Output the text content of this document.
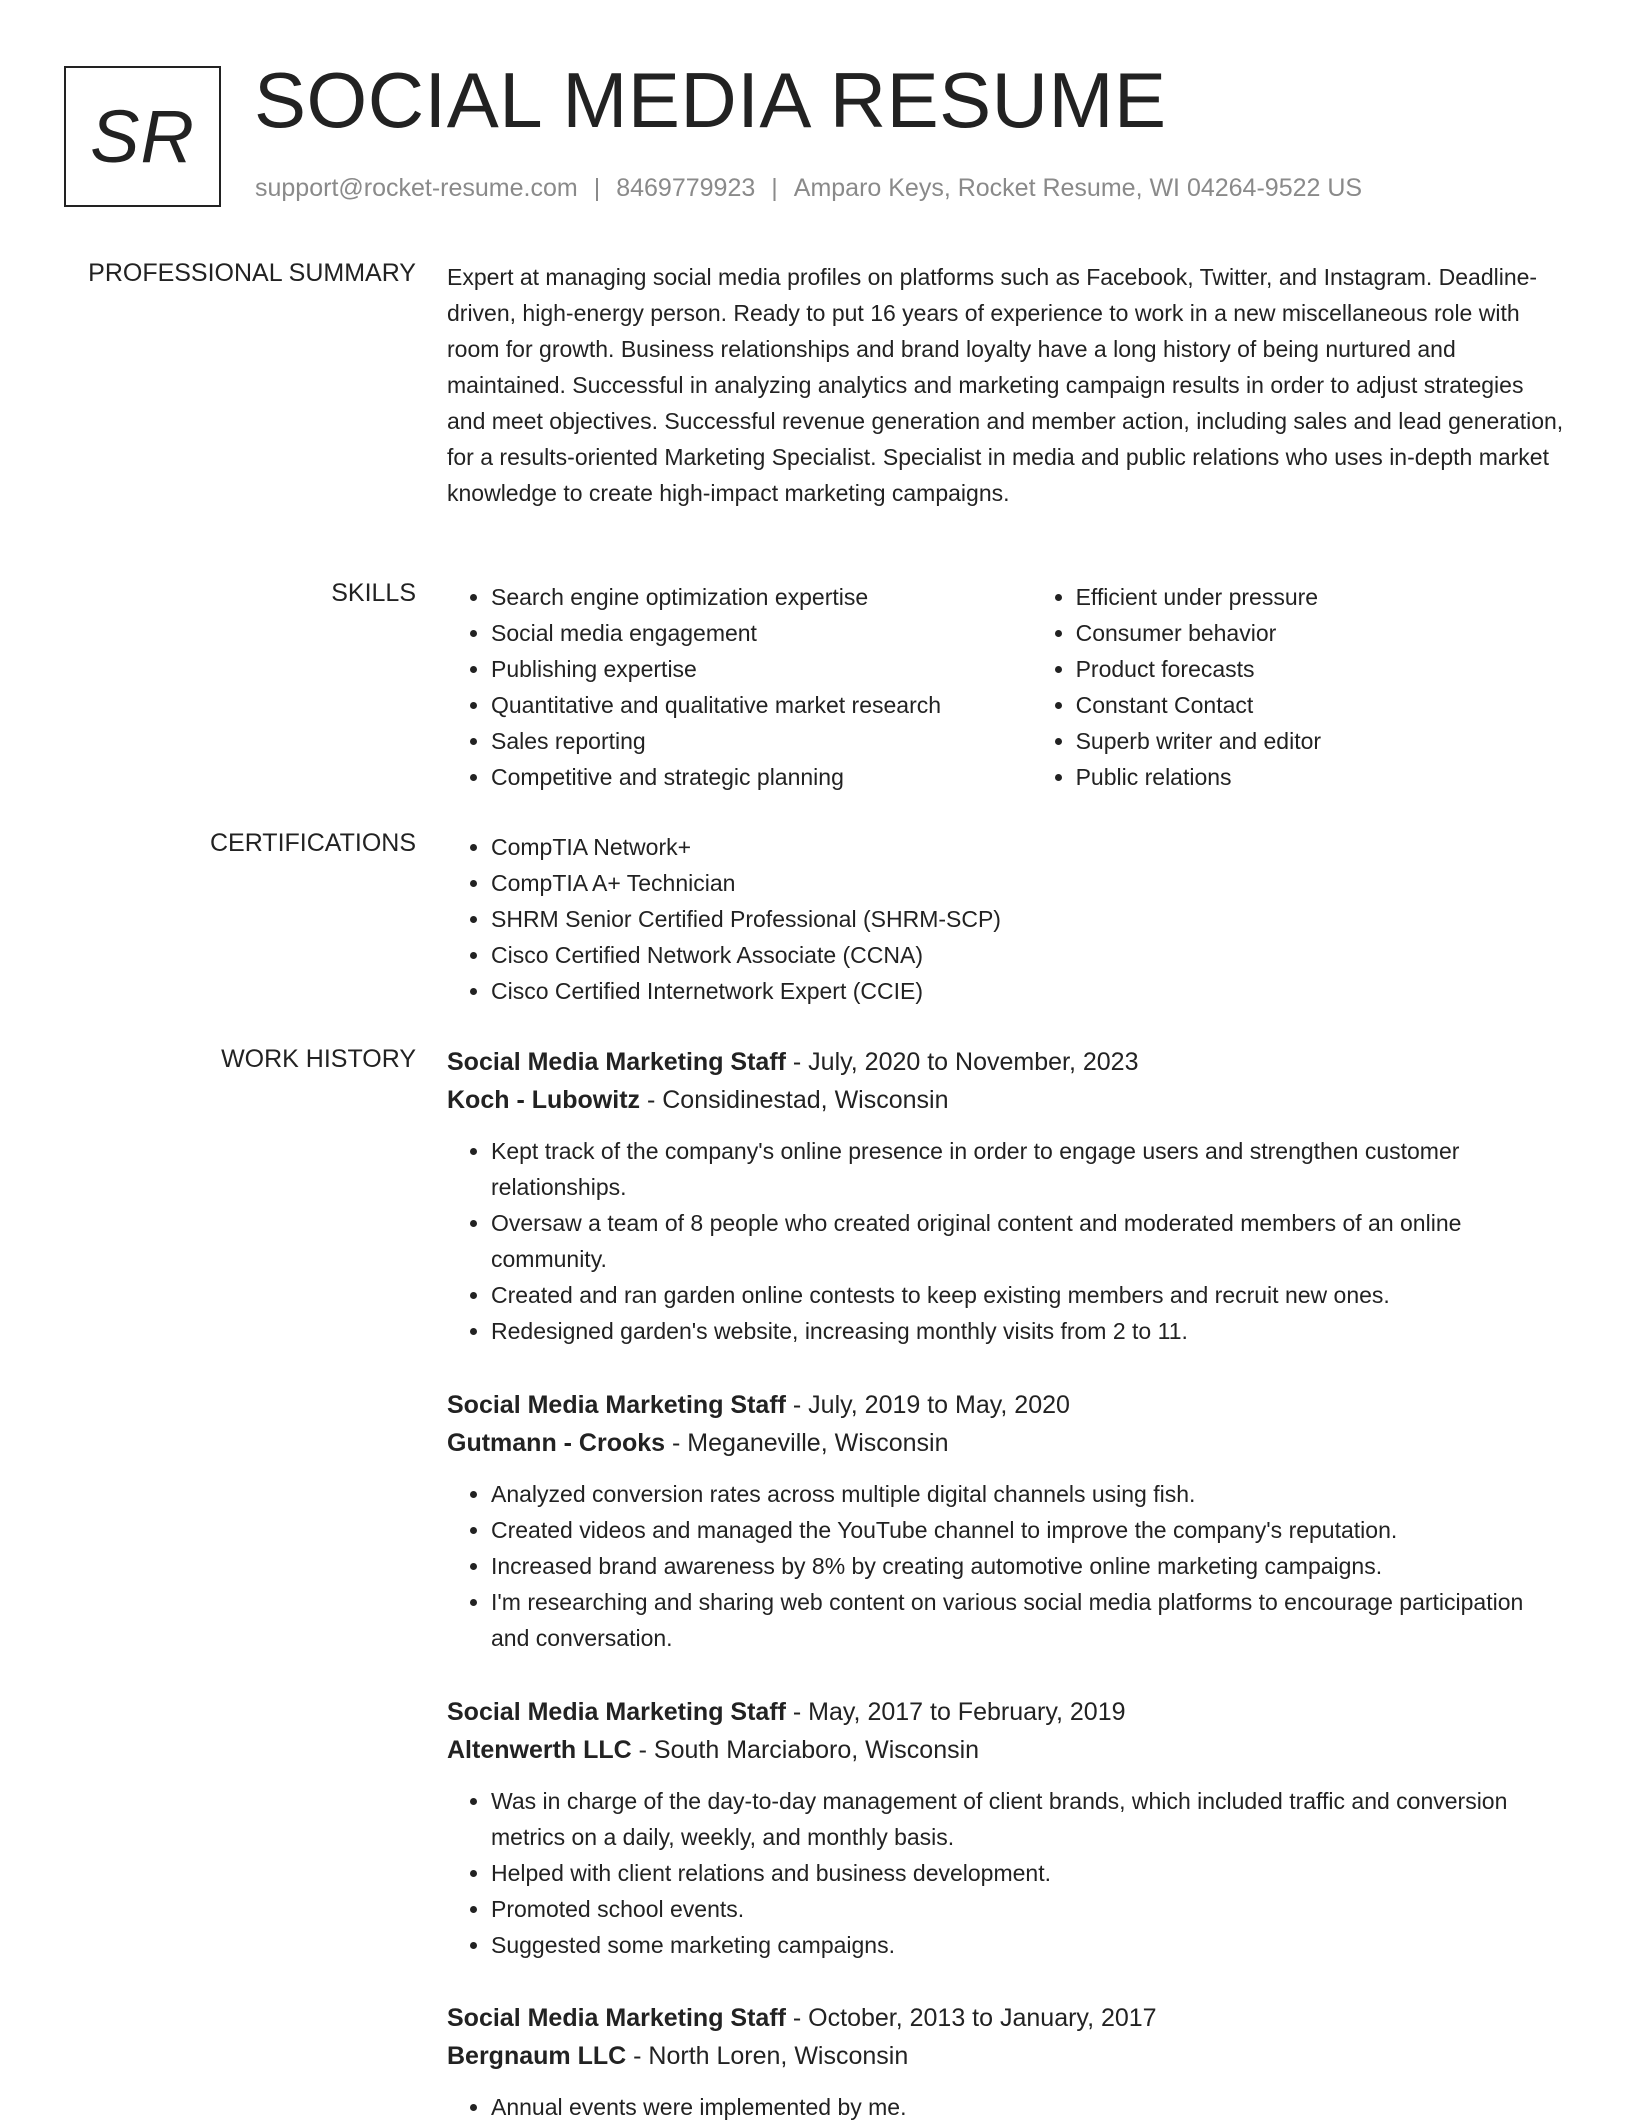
SR SOCIAL MEDIA RESUME
support@rocket-resume.com | 8469779923 | Amparo Keys, Rocket Resume, WI 04264-9522 US
PROFESSIONAL SUMMARY Expert at managing social media profiles on platforms such as Facebook, Twitter, and Instagram. Deadline-driven, high-energy person. Ready to put 16 years of experience to work in a new miscellaneous role with room for growth. Business relationships and brand loyalty have a long history of being nurtured and maintained. Successful in analyzing analytics and marketing campaign results in order to adjust strategies and meet objectives. Successful revenue generation and member action, including sales and lead generation, for a results-oriented Marketing Specialist. Specialist in media and public relations who uses in-depth market knowledge to create high-impact marketing campaigns.

SKILLS	• Search engine optimization expertise
• Social media engagement
• Publishing expertise
• Quantitative and qualitative market research
• Sales reporting
• Competitive and strategic planning
• Efficient under pressure
• Consumer behavior
• Product forecasts
• Constant Contact
• Superb writer and editor
• Public relations
CERTIFICATIONS	• CompTIA Network+
• CompTIA A+ Technician
• SHRM Senior Certified Professional (SHRM-SCP)
• Cisco Certified Network Associate (CCNA)
• Cisco Certified Internetwork Expert (CCIE)
WORK HISTORY Social Media Marketing Staff - July, 2020 to November, 2023
Koch - Lubowitz - Considinestad, Wisconsin
• Kept track of the company's online presence in order to engage users and strengthen customer relationships.
• Oversaw a team of 8 people who created original content and moderated members of an online community.
• Created and ran garden online contests to keep existing members and recruit new ones.
• Redesigned garden's website, increasing monthly visits from 2 to 11.
Social Media Marketing Staff - July, 2019 to May, 2020
Gutmann - Crooks - Meganeville, Wisconsin
• Analyzed conversion rates across multiple digital channels using fish.
• Created videos and managed the YouTube channel to improve the company's reputation.
• Increased brand awareness by 8% by creating automotive online marketing campaigns.
• I'm researching and sharing web content on various social media platforms to encourage participation and conversation.
Social Media Marketing Staff - May, 2017 to February, 2019
Altenwerth LLC - South Marciaboro, Wisconsin
• Was in charge of the day-to-day management of client brands, which included traffic and conversion metrics on a daily, weekly, and monthly basis.
• Helped with client relations and business development.
• Promoted school events.
• Suggested some marketing campaigns.
Social Media Marketing Staff - October, 2013 to January, 2017
Bergnaum LLC - North Loren, Wisconsin
• Annual events were implemented by me.
